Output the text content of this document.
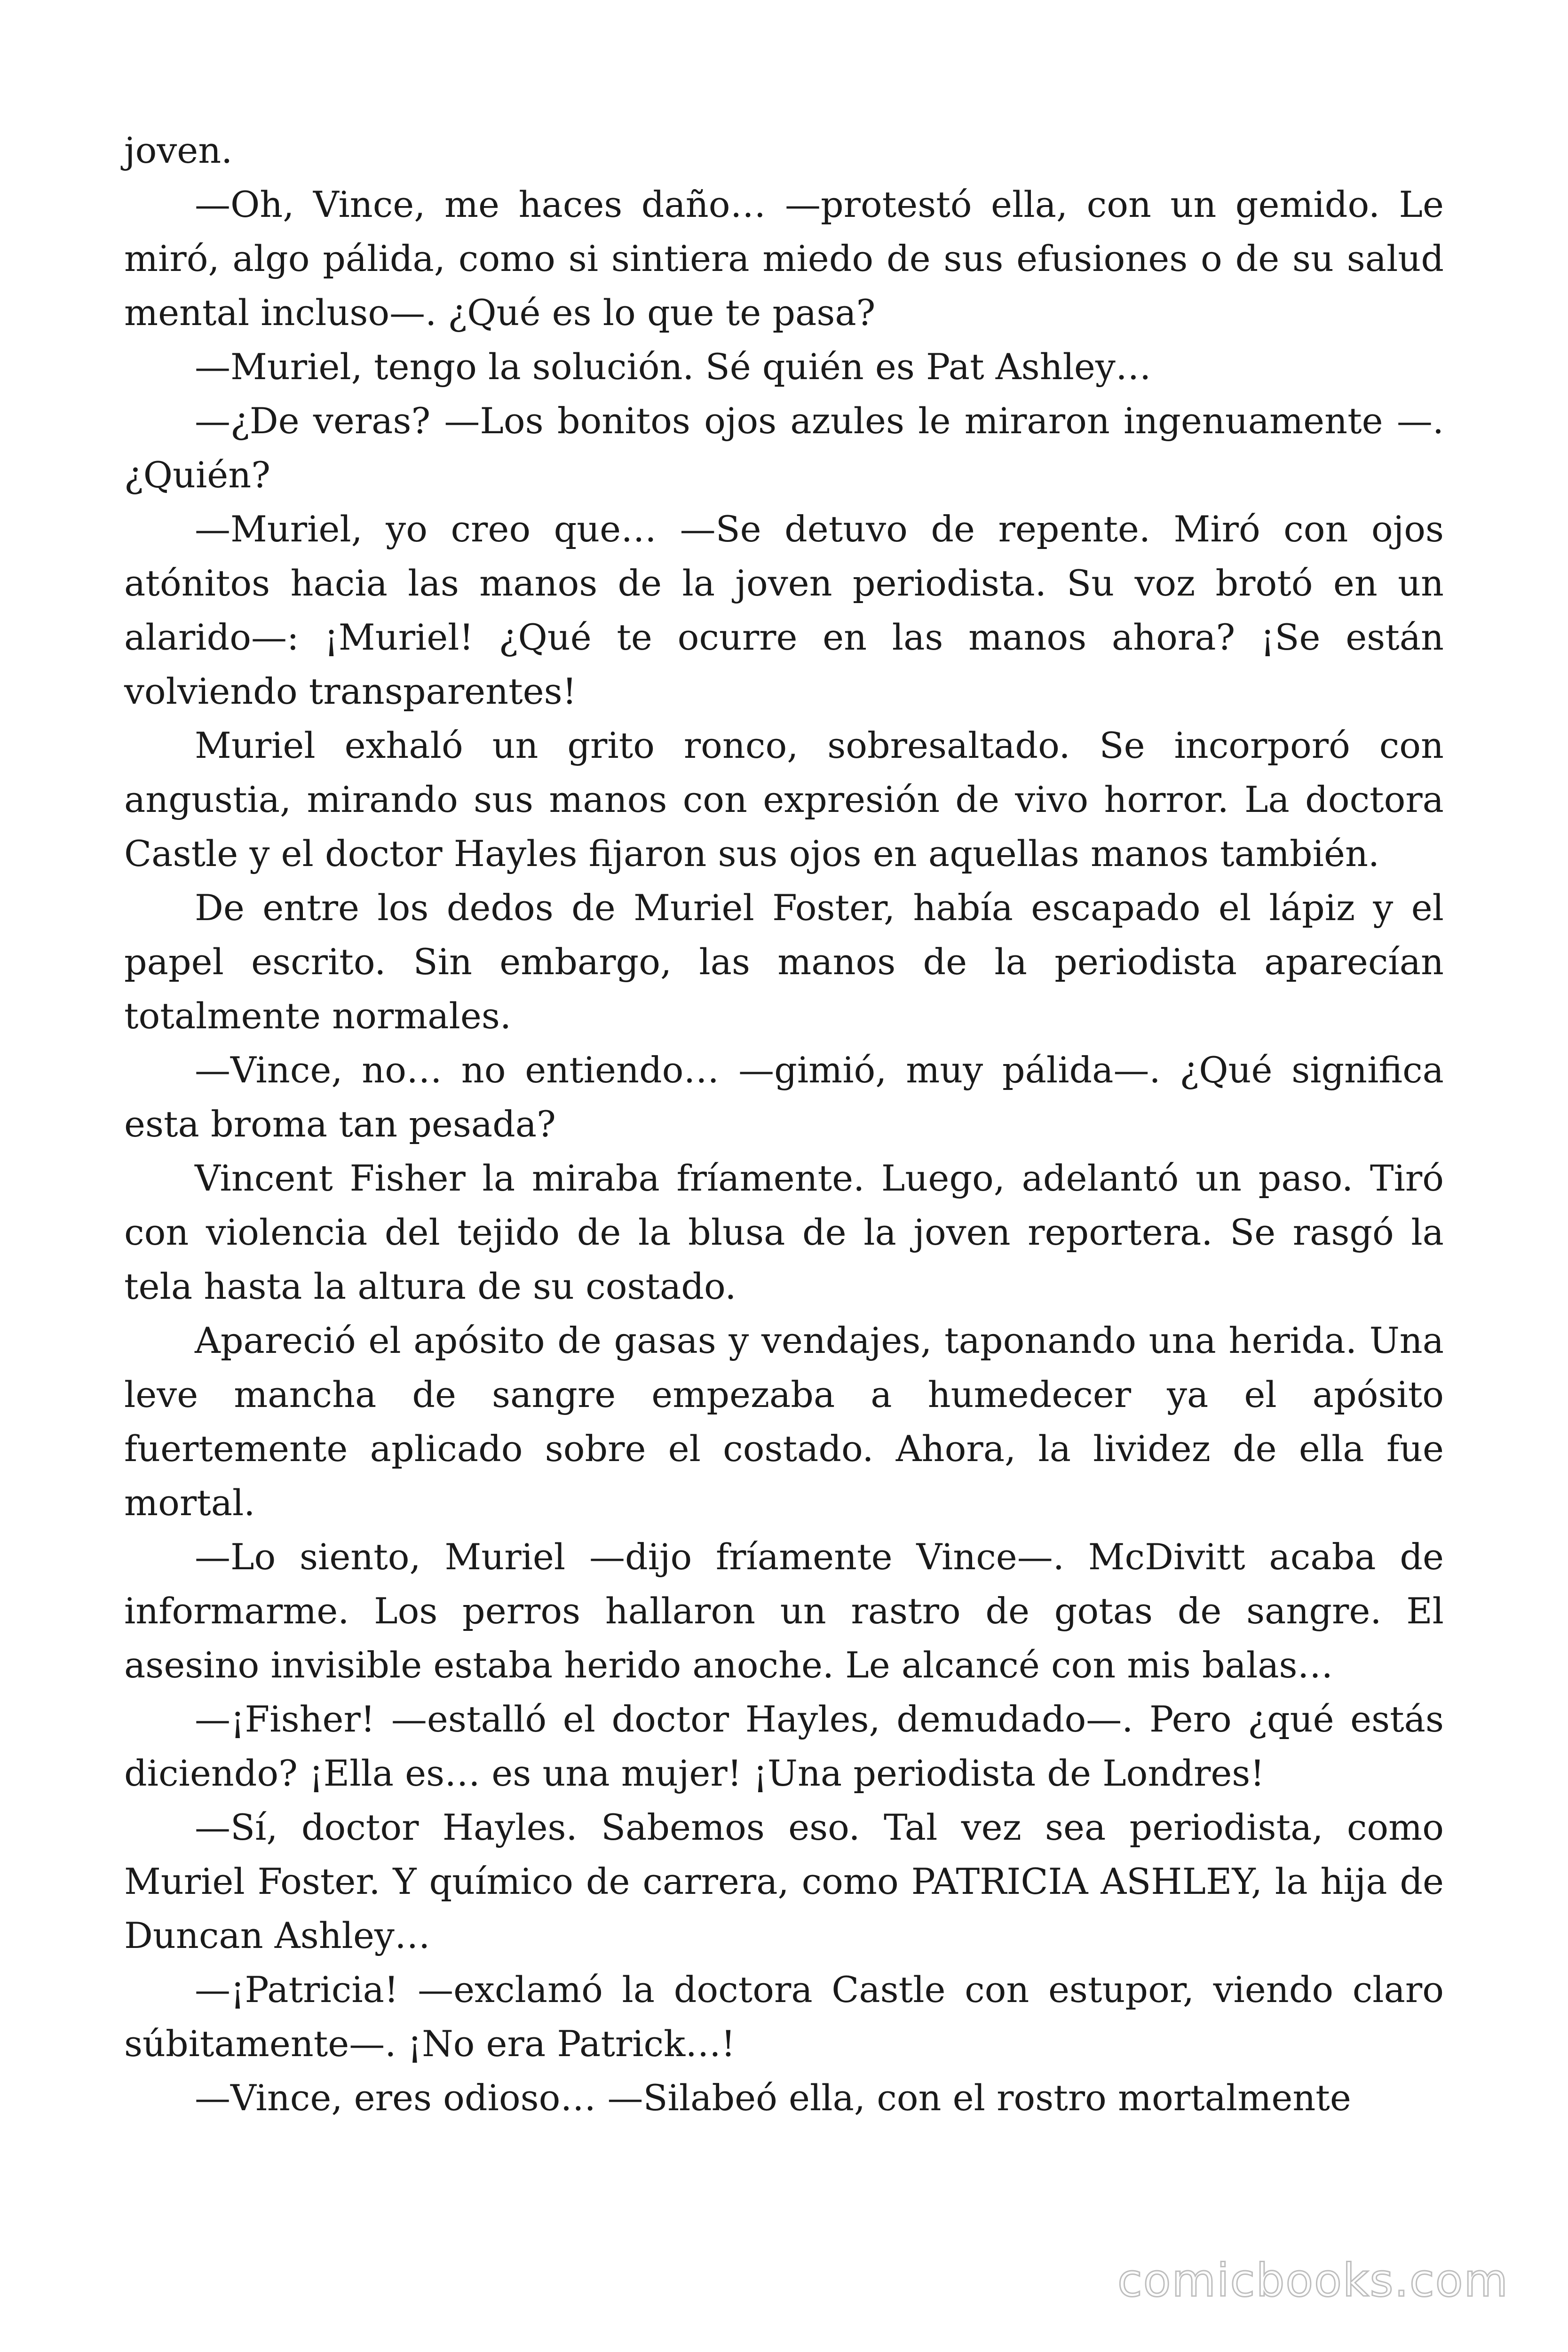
joven.

—Oh, Vince, me haces daño… —protestó ella, con un gemido. Le miró, algo pálida, como si sintiera miedo de sus efusiones o de su salud mental incluso—. ¿Qué es lo que te pasa?

—Muriel, tengo la solución. Sé quién es Pat Ashley…

—¿De veras? —Los bonitos ojos azules le miraron ingenuamente —. ¿Quién?

—Muriel, yo creo que… —Se detuvo de repente. Miró con ojos atónitos hacia las manos de la joven periodista. Su voz brotó en un alarido—: ¡Muriel! ¿Qué te ocurre en las manos ahora? ¡Se están volviendo transparentes!

Muriel exhaló un grito ronco, sobresaltado. Se incorporó con angustia, mirando sus manos con expresión de vivo horror. La doctora Castle y el doctor Hayles fijaron sus ojos en aquellas manos también.

De entre los dedos de Muriel Foster, había escapado el lápiz y el papel escrito. Sin embargo, las manos de la periodista aparecían totalmente normales.

—Vince, no… no entiendo… —gimió, muy pálida—. ¿Qué significa esta broma tan pesada?

Vincent Fisher la miraba fríamente. Luego, adelantó un paso. Tiró con violencia del tejido de la blusa de la joven reportera. Se rasgó la tela hasta la altura de su costado.

Apareció el apósito de gasas y vendajes, taponando una herida. Una leve mancha de sangre empezaba a humedecer ya el apósito fuertemente aplicado sobre el costado. Ahora, la lividez de ella fue mortal.

—Lo siento, Muriel —dijo fríamente Vince—. McDivitt acaba de informarme. Los perros hallaron un rastro de gotas de sangre. El asesino invisible estaba herido anoche. Le alcancé con mis balas…

—¡Fisher! —estalló el doctor Hayles, demudado—. Pero ¿qué estás diciendo? ¡Ella es… es una mujer! ¡Una periodista de Londres!

—Sí, doctor Hayles. Sabemos eso. Tal vez sea periodista, como Muriel Foster. Y químico de carrera, como PATRICIA ASHLEY, la hija de Duncan Ashley…

—¡Patricia! —exclamó la doctora Castle con estupor, viendo claro súbitamente—. ¡No era Patrick…!

—Vince, eres odioso… —Silabeó ella, con el rostro mortalmente

comicbooks.com
